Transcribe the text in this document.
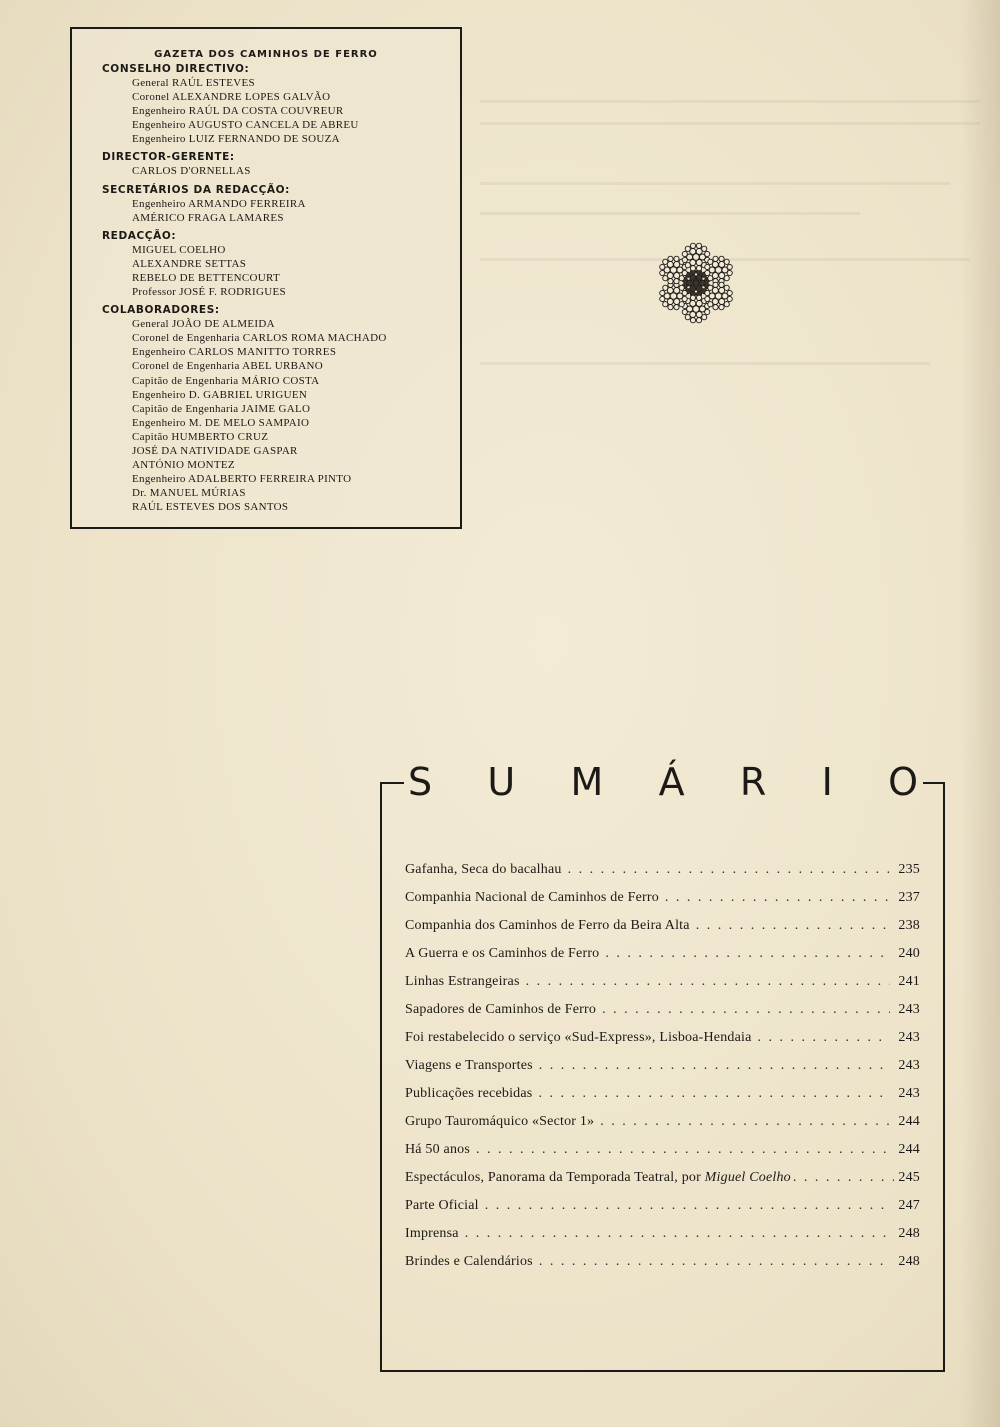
GAZETA DOS CAMINHOS DE FERRO
CONSELHO DIRECTIVO:
General RAÚL ESTEVES
Coronel ALEXANDRE LOPES GALVÃO
Engenheiro RAÚL DA COSTA COUVREUR
Engenheiro AUGUSTO CANCELA DE ABREU
Engenheiro LUIZ FERNANDO DE SOUZA
DIRECTOR-GERENTE:
CARLOS D'ORNELLAS
SECRETÁRIOS DA REDACÇÃO:
Engenheiro ARMANDO FERREIRA
AMÉRICO FRAGA LAMARES
REDACÇÃO:
MIGUEL COELHO
ALEXANDRE SETTAS
REBELO DE BETTENCOURT
Professor JOSÉ F. RODRIGUES
COLABORADORES:
General JOÃO DE ALMEIDA
Coronel de Engenharia CARLOS ROMA MACHADO
Engenheiro CARLOS MANITTO TORRES
Coronel de Engenharia ABEL URBANO
Capitão de Engenharia MÁRIO COSTA
Engenheiro D. GABRIEL URIGUEN
Capitão de Engenharia JAIME GALO
Engenheiro M. DE MELO SAMPAIO
Capitão HUMBERTO CRUZ
JOSÉ DA NATIVIDADE GASPAR
ANTÓNIO MONTEZ
Engenheiro ADALBERTO FERREIRA PINTO
Dr. MANUEL MÚRIAS
RAÚL ESTEVES DOS SANTOS
S U M Á R I O
Gafanha, Seca do bacalhau . . .	235
Companhia Nacional de Caminhos de Ferro . . .	237
Companhia dos Caminhos de Ferro da Beira Alta . . .	238
A Guerra e os Caminhos de Ferro . . .	240
Linhas Estrangeiras . . .	241
Sapadores de Caminhos de Ferro . . .	243
Foi restabelecido o serviço «Sud-Express», Lisboa-Hendaia . . .	243
Viagens e Transportes . . .	243
Publicações recebidas . . .	243
Grupo Tauromáquico «Sector 1» . . .	244
Há 50 anos . . .	244
Espectáculos, Panorama da Temporada Teatral, por Miguel Coelho . . .	245
Parte Oficial . . .	247
Imprensa . . .	248
Brindes e Calendários . . .	248
